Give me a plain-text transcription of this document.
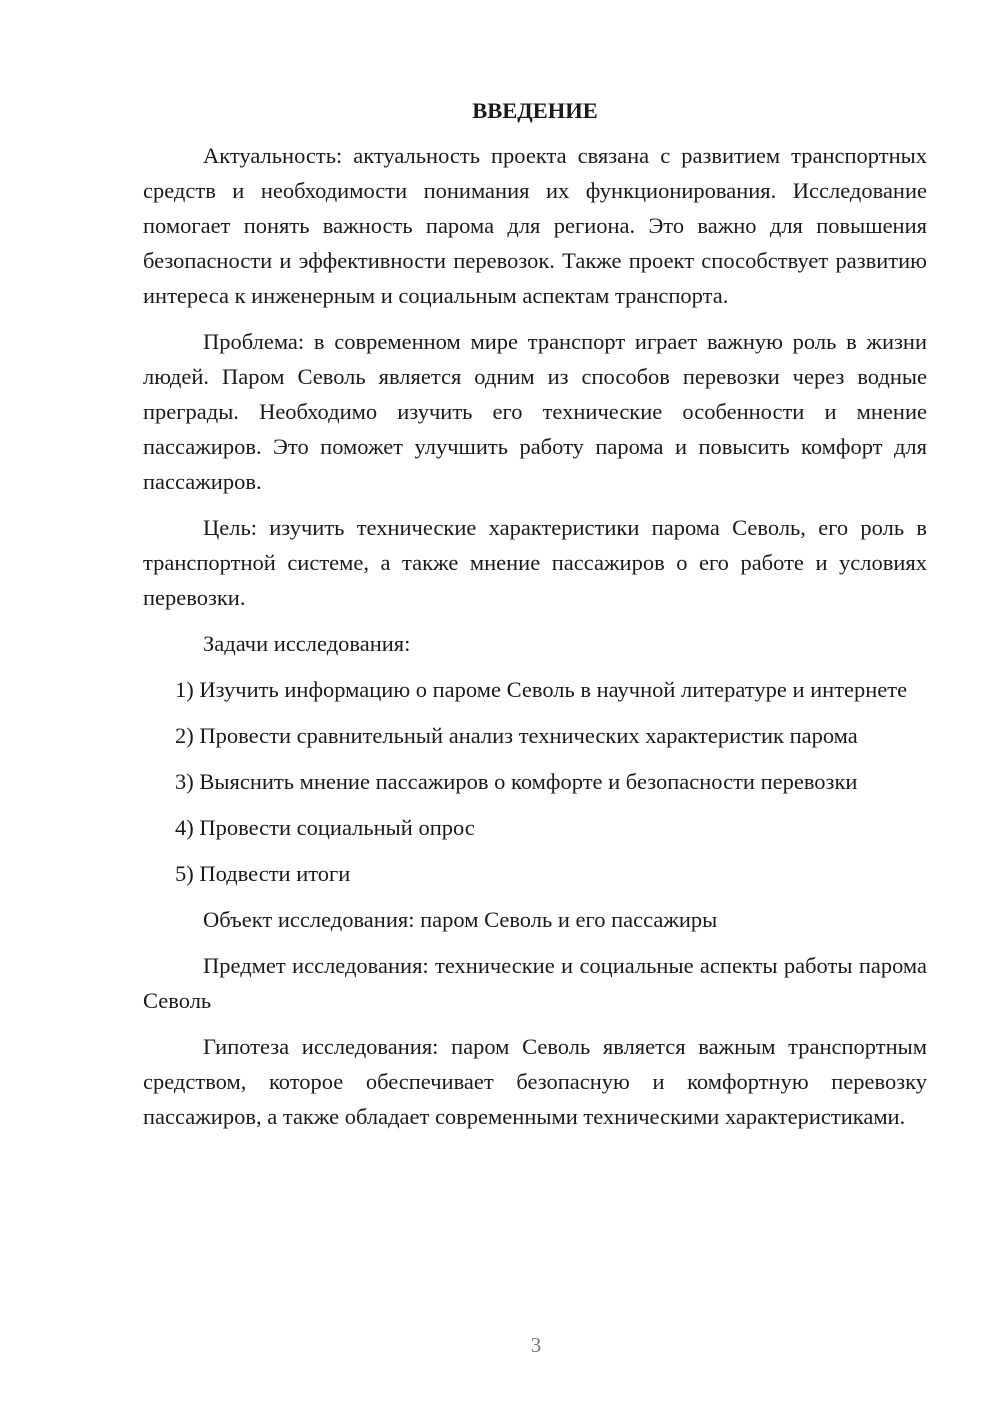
ВВЕДЕНИЕ

Актуальность: актуальность проекта связана с развитием транспортных средств и необходимости понимания их функционирования. Исследование помогает понять важность парома для региона. Это важно для повышения безопасности и эффективности перевозок. Также проект способствует развитию интереса к инженерным и социальным аспектам транспорта.

Проблема: в современном мире транспорт играет важную роль в жизни людей. Паром Севоль является одним из способов перевозки через водные преграды. Необходимо изучить его технические особенности и мнение пассажиров. Это поможет улучшить работу парома и повысить комфорт для пассажиров.

Цель: изучить технические характеристики парома Севоль, его роль в транспортной системе, а также мнение пассажиров о его работе и условиях перевозки.

Задачи исследования:

1) Изучить информацию о пароме Севоль в научной литературе и интернете

2) Провести сравнительный анализ технических характеристик парома

3) Выяснить мнение пассажиров о комфорте и безопасности перевозки

4) Провести социальный опрос

5) Подвести итоги

Объект исследования: паром Севоль и его пассажиры

Предмет исследования: технические и социальные аспекты работы парома Севоль

Гипотеза исследования: паром Севоль является важным транспортным средством, которое обеспечивает безопасную и комфортную перевозку пассажиров, а также обладает современными техническими характеристиками.

3
